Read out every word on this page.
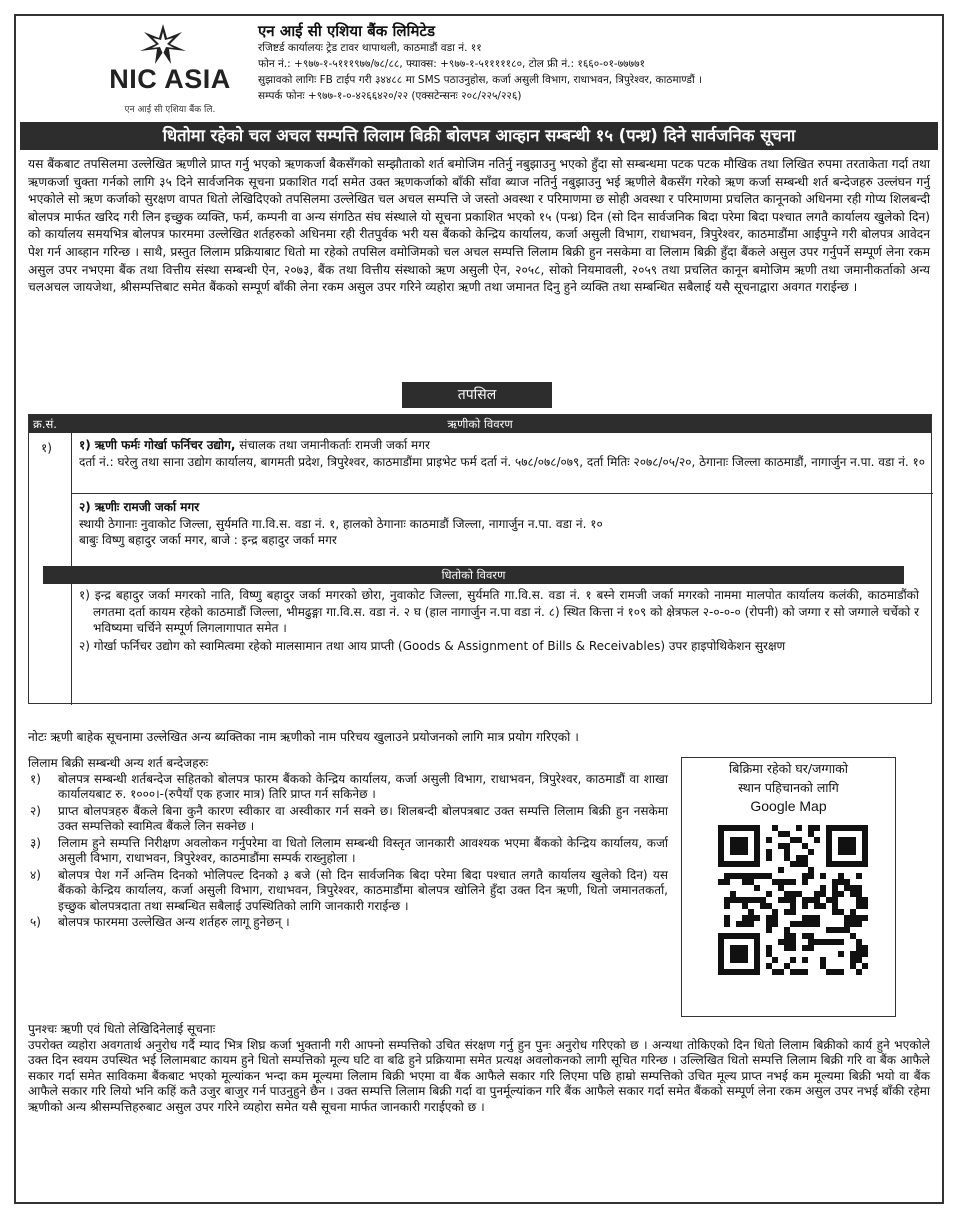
NIC ASIA
एन आई सी एशिया बैंक लि.
एन आई सी एशिया बैंक लिमिटेड
रजिष्टर्ड कार्यालयः ट्रेड टावर थापाथली, काठमाडौं वडा नं. ११
फोन नं.: +९७७-१-५१११९७७/७८/८८, फ्याक्स: +९७७-१-५१११११८०, टोल फ्री नं.: १६६०-०१-७७७७१
सुझावको लागिः FB टाईप गरी ३४४८८ मा SMS पठाउनुहोस, कर्जा असुली विभाग, राधाभवन, त्रिपुरेश्वर, काठमाण्डौं ।
सम्पर्क फोनः +९७७-१-०-४२६६४२०/२२ (एक्सटेन्सनः २०८/२२५/२२६)
धितोमा रहेको चल अचल सम्पत्ति लिलाम बिक्री बोलपत्र आव्हान सम्बन्धी १५ (पन्ध्र) दिने सार्वजनिक सूचना
यस बैंकबाट तपसिलमा उल्लेखित ऋणीले प्राप्त गर्नु भएको ऋणकर्जा बैकसँगको सम्झौताको शर्त बमोजिम नतिर्नु नबुझाउनु भएको हुँदा सो सम्बन्धमा पटक पटक मौखिक तथा लिखित रुपमा तरताकेता गर्दा तथा ऋणकर्जा चुक्ता गर्नको लागि ३५ दिने सार्वजनिक सूचना प्रकाशित गर्दा समेत उक्त ऋणकर्जाको बाँकी साँवा ब्याज नतिर्नु नबुझाउनु भई ऋणीले बैकसँग गरेको ऋण कर्जा सम्बन्धी शर्त बन्देजहरु उल्लंघन गर्नु भएकोले सो ऋण कर्जाको सुरक्षण वापत धितो लेखिदिएको तपसिलमा उल्लेखित चल अचल सम्पत्ति जे जस्तो अवस्था र परिमाणमा छ सोही अवस्था र परिमाणमा प्रचलित कानूनको अधिनमा रही गोप्य शिलबन्दी बोलपत्र मार्फत खरिद गरी लिन इच्छुक व्यक्ति, फर्म, कम्पनी वा अन्य संगठित संघ संस्थाले यो सूचना प्रकाशित भएको १५ (पन्ध्र) दिन (सो दिन सार्वजनिक बिदा परेमा बिदा पश्चात लगतै कार्यालय खुलेको दिन) को कार्यालय समयभित्र बोलपत्र फारममा उल्लेखित शर्तहरुको अधिनमा रही रीतपुर्वक भरी यस बैंकको केन्द्रिय कार्यालय, कर्जा असुली विभाग, राधाभवन, त्रिपुरेश्वर, काठमाडौंमा आईपुग्ने गरी बोलपत्र आवेदन पेश गर्न आब्हान गरिन्छ । साथै, प्रस्तुत लिलाम प्रक्रियाबाट धितो मा रहेको तपसिल वमोजिमको चल अचल सम्पत्ति लिलाम बिक्री हुन नसकेमा वा लिलाम बिक्री हुँदा बैंकले असुल उपर गर्नुपर्ने सम्पूर्ण लेना रकम असुल उपर नभएमा बैंक तथा वित्तीय संस्था सम्बन्धी ऐन, २०७३, बैंक तथा वित्तीय संस्थाको ऋण असुली ऐन, २०५८, सोको नियमावली, २०५९ तथा प्रचलित कानून बमोजिम ऋणी तथा जमानीकर्ताको अन्य चलअचल जायजेथा, श्रीसम्पत्तिबाट समेत बैंकको सम्पूर्ण बाँकी लेना रकम असुल उपर गरिने व्यहोरा ऋणी तथा जमानत दिनु हुने व्यक्ति तथा सम्बन्धित सबैलाई यसै सूचनाद्वारा अवगत गराईन्छ ।
तपसिल
ऋणीको विवरण
क्र.सं.
१) १) ऋणी फर्मः गोर्खा फर्निचर उद्योग, संचालक तथा जमानीकर्ताः रामजी जर्का मगर
दर्ता नं.: घरेलु तथा साना उद्योग कार्यालय, बागमती प्रदेश, त्रिपुरेश्वर, काठमाडौंमा प्राइभेट फर्म दर्ता नं. ५७८/०७८/०७९, दर्ता मितिः २०७८/०५/२०, ठेगानाः जिल्ला काठमाडौं, नागार्जुन न.पा. वडा नं. १०
२) ऋणीः रामजी जर्का मगर
स्थायी ठेगानाः नुवाकोट जिल्ला, सुर्यमति गा.वि.स. वडा नं. १, हालको ठेगानाः काठमाडौं जिल्ला, नागार्जुन न.पा. वडा नं. १०
बाबुः विष्णु बहादुर जर्का मगर, बाजे : इन्द्र बहादुर जर्का मगर
१) इन्द्र बहादुर जर्का मगरको नाति, विष्णु बहादुर जर्का मगरको छोरा, नुवाकोट जिल्ला, सुर्यमति गा.वि.स. वडा नं. १ बस्ने रामजी जर्का मगरको नाममा मालपोत कार्यालय कलंकी, काठमाडौंको लगतमा दर्ता कायम रहेको काठमाडौं जिल्ला, भीमढुङ्गा गा.वि.स. वडा नं. २ घ (हाल नागार्जुन न.पा वडा नं. ८) स्थित कित्ता नं १०९ को क्षेत्रफल २-०-०-० (रोपनी) को जग्गा र सो जग्गाले चर्चेको र भविष्यमा चर्चिने सम्पूर्ण लिगलागापात समेत ।
२) गोर्खा फर्निचर उद्योग को स्वामित्वमा रहेको मालसामान तथा आय प्राप्ती (Goods & Assignment of Bills & Receivables) उपर हाइपोथिकेशन सुरक्षण
धितोको विवरण
नोटः ऋणी बाहेक सूचनामा उल्लेखित अन्य ब्यक्तिका नाम ऋणीको नाम परिचय खुलाउने प्रयोजनको लागि मात्र प्रयोग गरिएको ।
लिलाम बिक्री सम्बन्धी अन्य शर्त बन्देजहरुः
१) बोलपत्र सम्बन्धी शर्तबन्देज सहितको बोलपत्र फारम बैंकको केन्द्रिय कार्यालय, कर्जा असुली विभाग, राधाभवन, त्रिपुरेश्वर, काठमाडौं वा शाखा कार्यालयबाट रु. १०००।-(रुपैयाँ एक हजार मात्र) तिरि प्राप्त गर्न सकिनेछ ।
२) प्राप्त बोलपत्रहरु बैंकले बिना कुनै कारण स्वीकार वा अस्वीकार गर्न सक्ने छ। शिलबन्दी बोलपत्रबाट उक्त सम्पत्ति लिलाम बिक्री हुन नसकेमा उक्त सम्पत्तिको स्वामित्व बैंकले लिन सक्नेछ ।
३) लिलाम हुने सम्पत्ति निरीक्षण अवलोकन गर्नुपरेमा वा धितो लिलाम सम्बन्धी विस्तृत जानकारी आवश्यक भएमा बैंकको केन्द्रिय कार्यालय, कर्जा असुली विभाग, राधाभवन, त्रिपुरेश्वर, काठमाडौंमा सम्पर्क राख्नुहोला ।
४) बोलपत्र पेश गर्ने अन्तिम दिनको भोलिपल्ट दिनको ३ बजे (सो दिन सार्वजनिक बिदा परेमा बिदा पश्चात लगतै कार्यालय खुलेको दिन) यस बैंकको केन्द्रिय कार्यालय, कर्जा असुली विभाग, राधाभवन, त्रिपुरेश्वर, काठमाडौंमा बोलपत्र खोलिने हुँदा उक्त दिन ऋणी, धितो जमानतकर्ता, इच्छुक बोलपत्रदाता तथा सम्बन्धित सबैलाई उपस्थितिको लागि जानकारी गराईन्छ ।
५) बोलपत्र फारममा उल्लेखित अन्य शर्तहरु लागू हुनेछन् ।
बिक्रिमा रहेको घर/जग्गाको
स्थान पहिचानको लागि
Google Map
पुनश्चः ऋणी एवं धितो लेखिदिनेलाई सूचनाः
उपरोक्त व्यहोरा अवगतार्थ अनुरोध गर्दै म्याद भित्र शिघ्र कर्जा भुक्तानी गरी आफ्नो सम्पत्तिको उचित संरक्षण गर्नु हुन पुनः अनुरोध गरिएको छ । अन्यथा तोकिएको दिन धितो लिलाम बिक्रीको कार्य हुने भएकोले उक्त दिन स्वयम उपस्थित भई लिलामबाट कायम हुने धितो सम्पत्तिको मूल्य घटि वा बढि हुने प्रक्रियामा समेत प्रत्यक्ष अवलोकनको लागी सूचित गरिन्छ । उल्लिखित धितो सम्पत्ति लिलाम बिक्री गरि वा बैंक आफैले सकार गर्दा समेत साविकमा बैंकबाट भएको मूल्यांकन भन्दा कम मूल्यमा लिलाम बिक्री भएमा वा बैंक आफैले सकार गरि लिएमा पछि हाम्रो सम्पत्तिको उचित मूल्य प्राप्त नभई कम मूल्यमा बिक्री भयो वा बैंक आफैले सकार गरि लियो भनि कहिं कतै उजुर बाजुर गर्न पाउनुहुने छैन । उक्त सम्पत्ति लिलाम बिक्री गर्दा वा पुनर्मूल्यांकन गरि बैंक आफैले सकार गर्दा समेत बैंकको सम्पूर्ण लेना रकम असुल उपर नभई बाँकी रहेमा ऋणीको अन्य श्रीसम्पत्तिहरुबाट असुल उपर गरिने व्यहोरा समेत यसै सूचना मार्फत जानकारी गराईएको छ ।
